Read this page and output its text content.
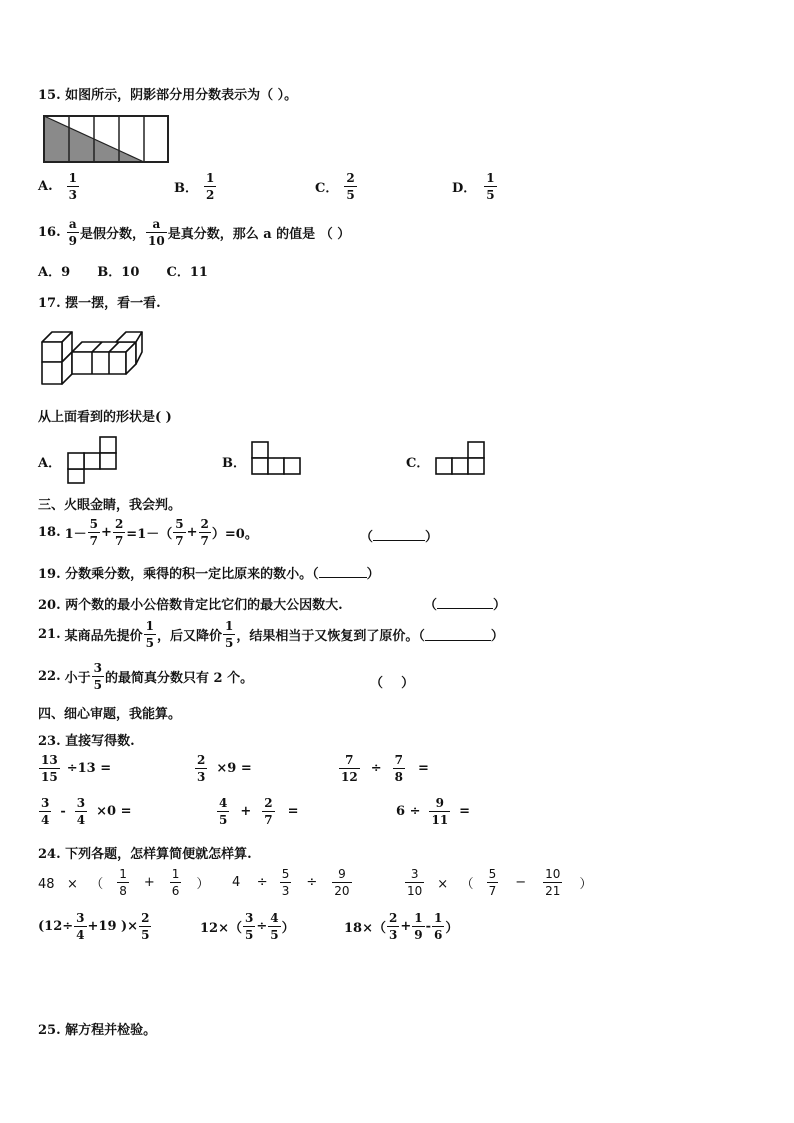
15. 如图所示，阴影部分用分数表示为（ ）。
A. $\frac{1}{3}$	B． $\frac{1}{2}$	C． $\frac{2}{5}$	D． $\frac{1}{5}$
16. $\frac{a}{9}$ 是假分数， $\frac{a}{10}$ 是真分数，那么 a 的值是 （ ）
A．9      B．10      C．11
17. 摆一摆，看一看.
从上面看到的形状是( )
A．	B．	C．
三、火眼金睛，我会判。
18. $1- \frac{5}{7} + \frac{2}{7} =1-( \frac{5}{7} + \frac{2}{7} )=0$。	（	）
19. 分数乘分数，乘得的积一定比原来的数小。（	）
20. 两个数的最小公倍数肯定比它们的最大公因数大.	（	）
21. 某商品先提价 $\frac{1}{5}$ ，后又降价 $\frac{1}{5}$ ，结果相当于又恢复到了原价。（	）
22. 小于 $\frac{3}{5}$ 的最简真分数只有 2 个。	（    ）
四、细心审题，我能算。
23. 直接写得数.
$\frac{13}{15} \div 13$ =	$\frac{2}{3} \times 9$ =	$\frac{7}{12} \div \frac{7}{8}$ =
$\frac{3}{4} - \frac{3}{4} \times 0$ =	$\frac{4}{5} + \frac{2}{7}$ =	$6 \div \frac{9}{11}$ =
24. 下列各题，怎样算简便就怎样算.
48   ×   （ $\frac{1}{8} + \frac{1}{6}$ ） 4    ÷ $\frac{5}{3} \div \frac{9}{20}$	$\frac{3}{10}$ ×   （ $\frac{5}{7} - \frac{10}{21}$ ）
($12\div \frac{3}{4} +19$ )× $\frac{2}{5}$	$12\times( \frac{3}{5} \div \frac{4}{5}$ ）	$18\times( \frac{2}{3} + \frac{1}{9} - \frac{1}{6}$ ）
25. 解方程并检验。
